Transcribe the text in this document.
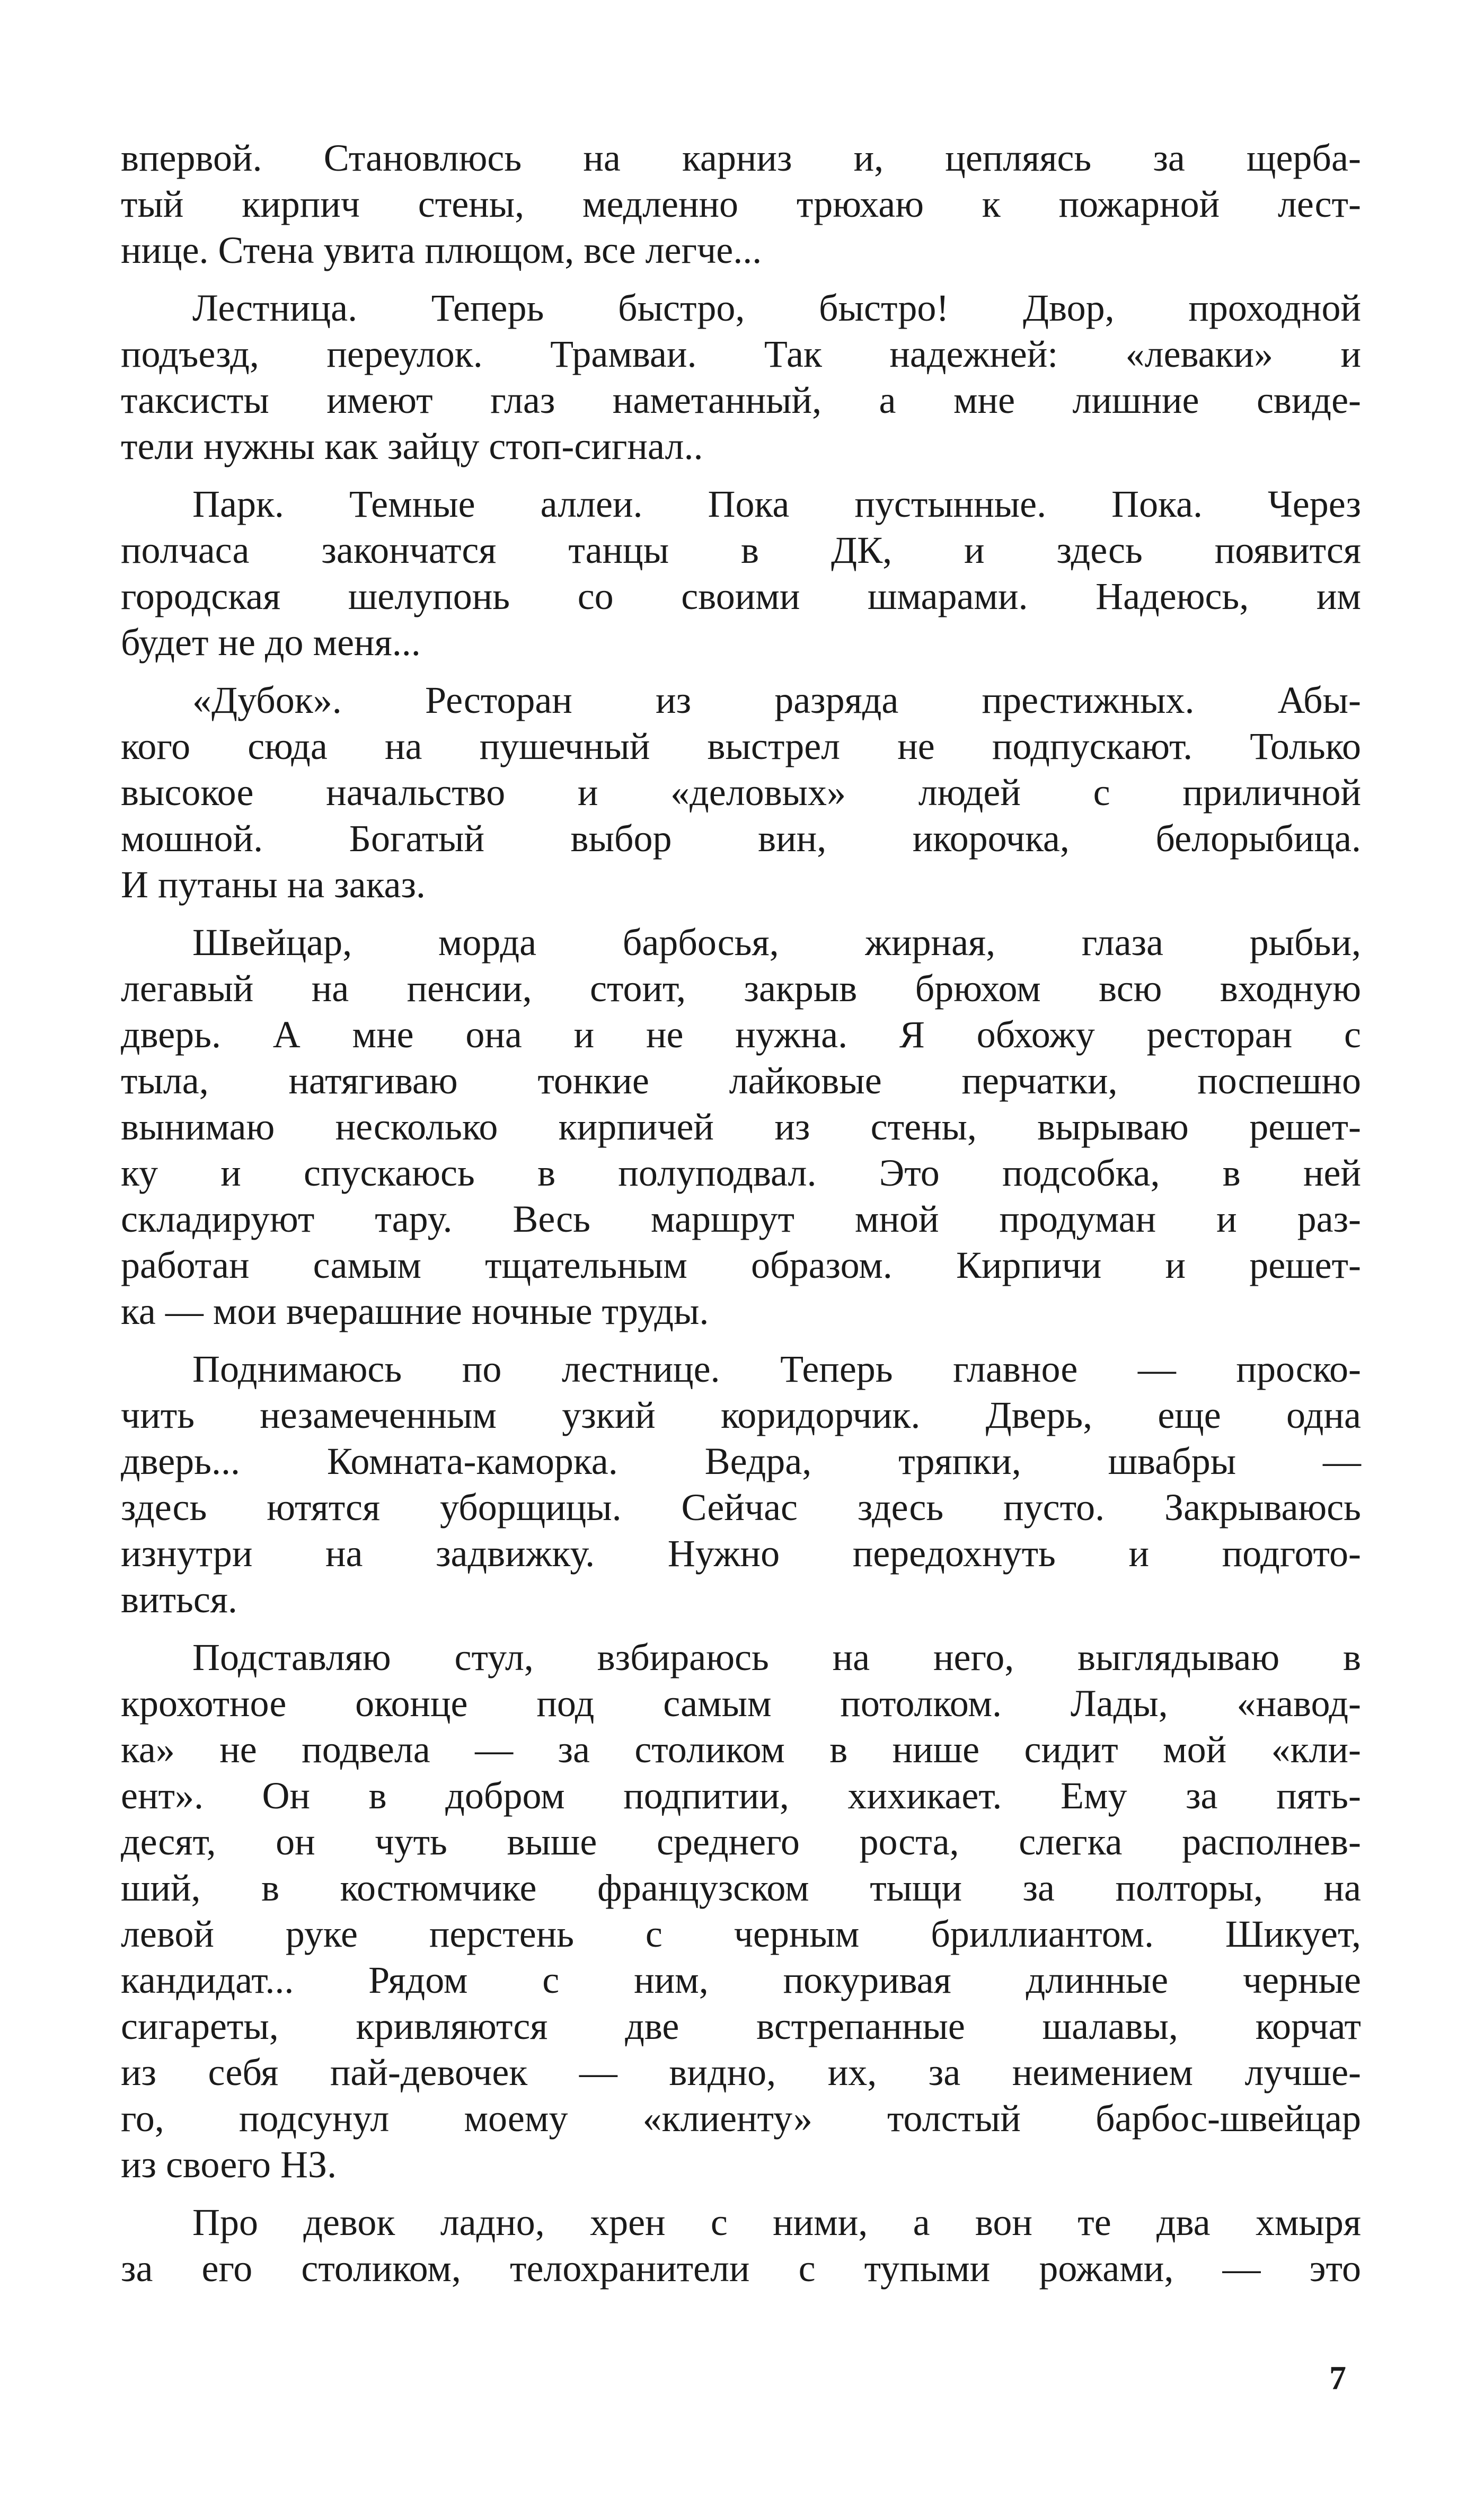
впервой. Становлюсь на карниз и, цепляясь за щерба-
тый кирпич стены, медленно трюхаю к пожарной лест-
нице. Стена увита плющом, все легче...
Лестница. Теперь быстро, быстро! Двор, проходной
подъезд, переулок. Трамваи. Так надежней: «леваки» и
таксисты имеют глаз наметанный, а мне лишние свиде-
тели нужны как зайцу стоп-сигнал..
Парк. Темные аллеи. Пока пустынные. Пока. Через
полчаса закончатся танцы в ДК, и здесь появится
городская шелупонь со своими шмарами. Надеюсь, им
будет не до меня...
«Дубок». Ресторан из разряда престижных. Абы-
кого сюда на пушечный выстрел не подпускают. Только
высокое начальство и «деловых» людей с приличной
мошной. Богатый выбор вин, икорочка, белорыбица.
И путаны на заказ.
Швейцар, морда барбосья, жирная, глаза рыбьи,
легавый на пенсии, стоит, закрыв брюхом всю входную
дверь. А мне она и не нужна. Я обхожу ресторан с
тыла, натягиваю тонкие лайковые перчатки, поспешно
вынимаю несколько кирпичей из стены, вырываю решет-
ку и спускаюсь в полуподвал. Это подсобка, в ней
складируют тару. Весь маршрут мной продуман и раз-
работан самым тщательным образом. Кирпичи и решет-
ка — мои вчерашние ночные труды.
Поднимаюсь по лестнице. Теперь главное — проско-
чить незамеченным узкий коридорчик. Дверь, еще одна
дверь... Комната-каморка. Ведра, тряпки, швабры —
здесь ютятся уборщицы. Сейчас здесь пусто. Закрываюсь
изнутри на задвижку. Нужно передохнуть и подгото-
виться.
Подставляю стул, взбираюсь на него, выглядываю в
крохотное оконце под самым потолком. Лады, «навод-
ка» не подвела — за столиком в нише сидит мой «кли-
ент». Он в добром подпитии, хихикает. Ему за пять-
десят, он чуть выше среднего роста, слегка располнев-
ший, в костюмчике французском тыщи за полторы, на
левой руке перстень с черным бриллиантом. Шикует,
кандидат... Рядом с ним, покуривая длинные черные
сигареты, кривляются две встрепанные шалавы, корчат
из себя пай-девочек — видно, их, за неимением лучше-
го, подсунул моему «клиенту» толстый барбос-швейцар
из своего НЗ.
Про девок ладно, хрен с ними, а вон те два хмыря
за его столиком, телохранители с тупыми рожами, — это
7
